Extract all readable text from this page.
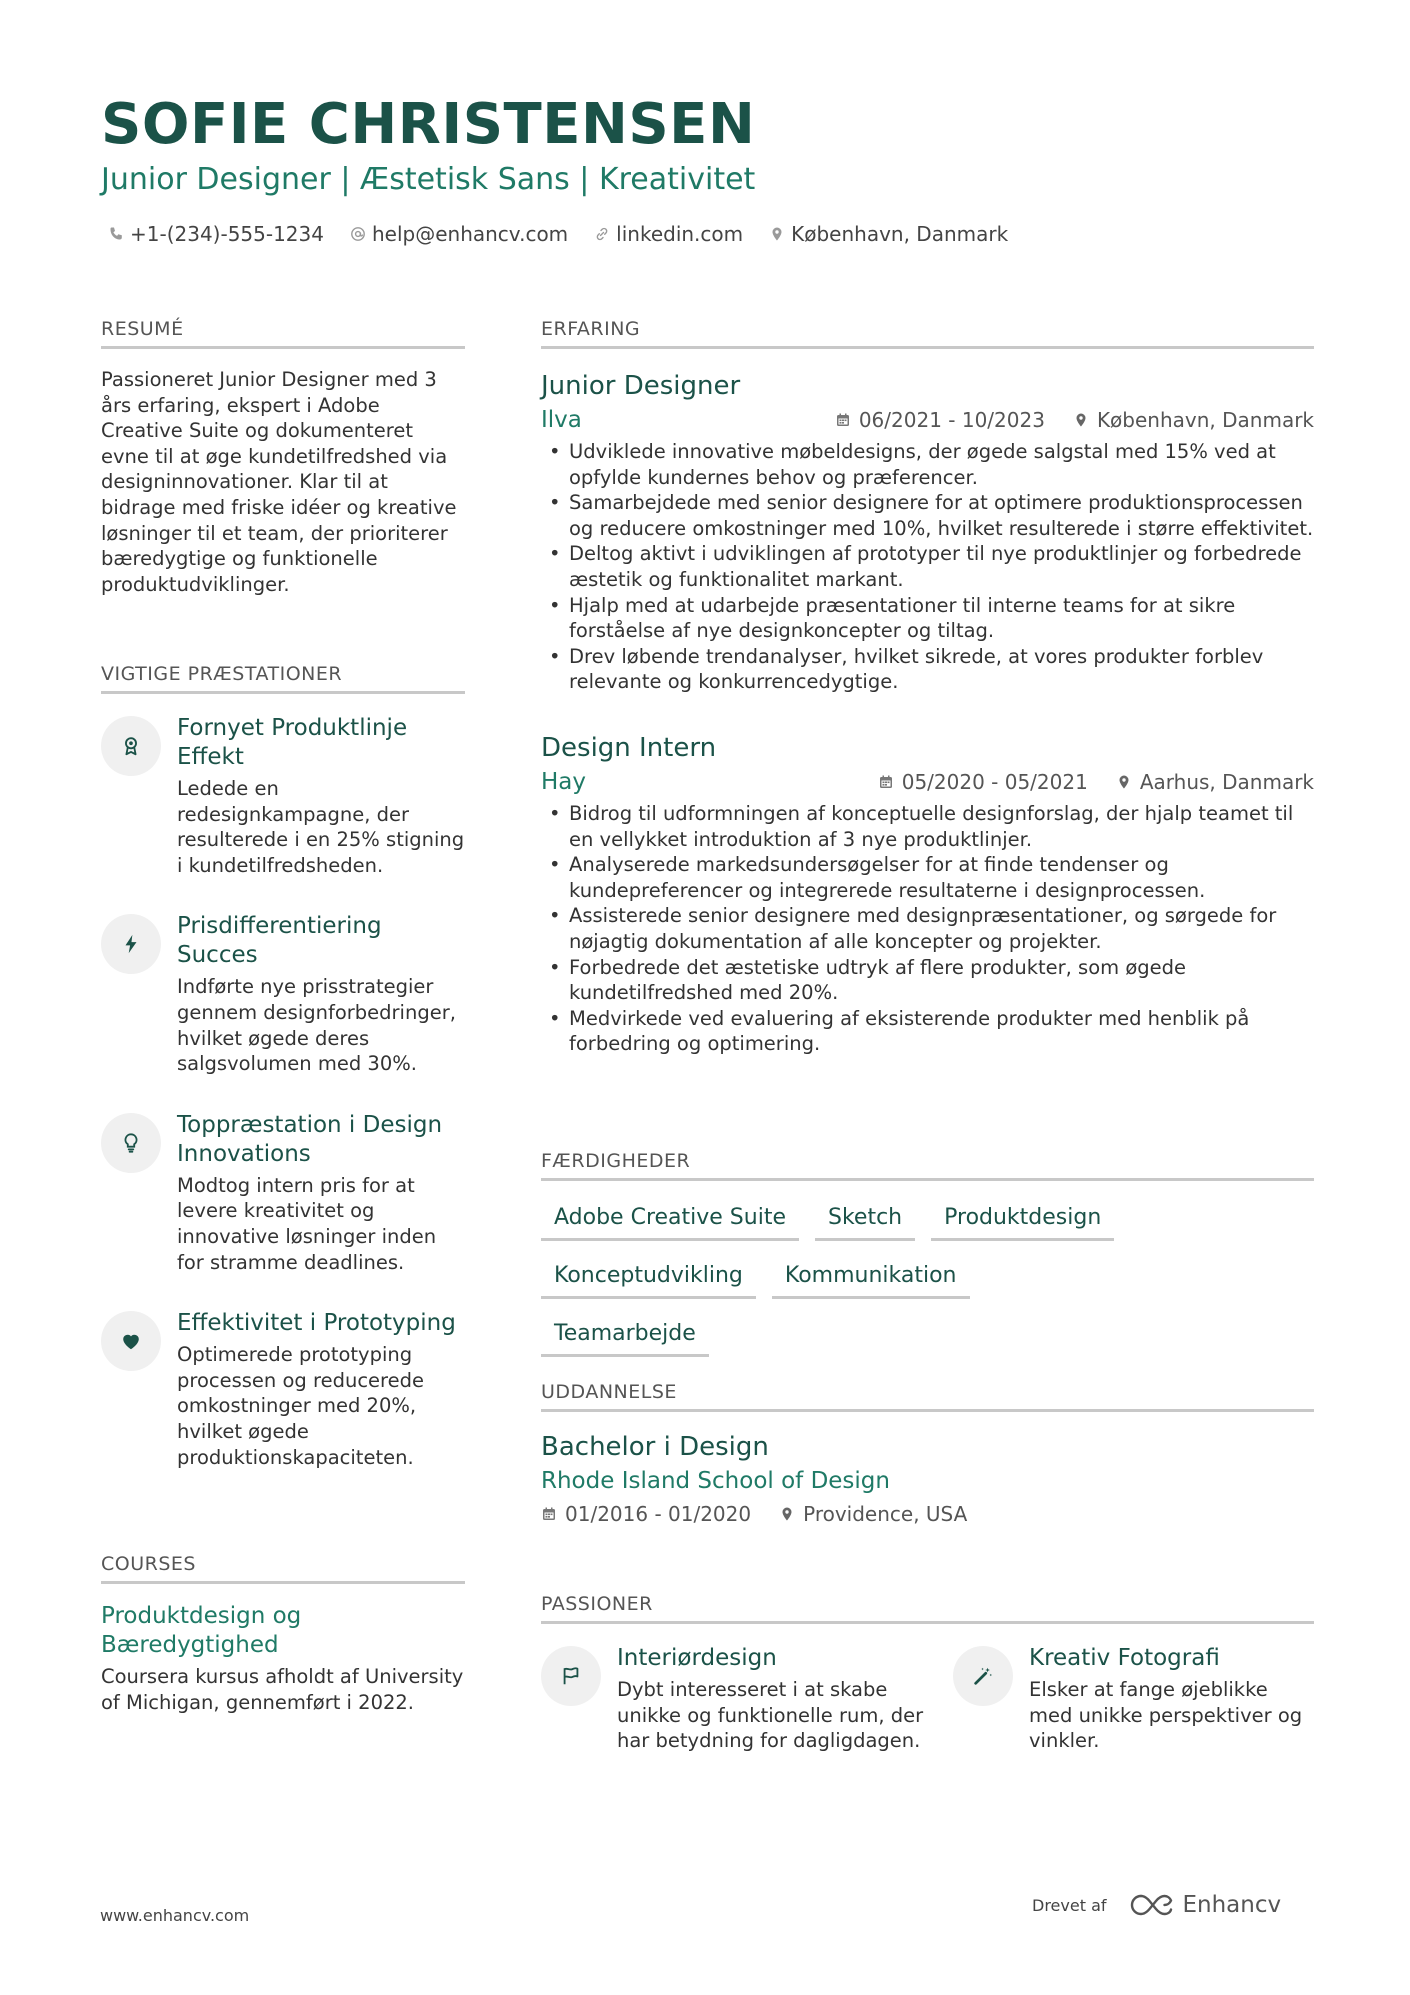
SOFIE CHRISTENSEN
Junior Designer | Æstetisk Sans | Kreativitet
+1-(234)-555-1234 help@enhancv.com linkedin.com København, Danmark
RESUMÉ
Passioneret Junior Designer med 3 års erfaring, ekspert i Adobe Creative Suite og dokumenteret evne til at øge kundetilfredshed via designinnovationer. Klar til at bidrage med friske idéer og kreative løsninger til et team, der prioriterer bæredygtige og funktionelle produktudviklinger.
VIGTIGE PRÆSTATIONER
Fornyet Produktlinje Effekt
Ledede en redesignkampagne, der resulterede i en 25% stigning i kundetilfredsheden.
Prisdifferentiering Succes
Indførte nye prisstrategier gennem designforbedringer, hvilket øgede deres salgsvolumen med 30%.
Toppræstation i Design Innovations
Modtog intern pris for at levere kreativitet og innovative løsninger inden for stramme deadlines.
Effektivitet i Prototyping
Optimerede prototyping processen og reducerede omkostninger med 20%, hvilket øgede produktionskapaciteten.
COURSES
Produktdesign og Bæredygtighed
Coursera kursus afholdt af University of Michigan, gennemført i 2022.
ERFARING
Junior Designer
Ilva	06/2021 - 10/2023	København, Danmark
• Udviklede innovative møbeldesigns, der øgede salgstal med 15% ved at opfylde kundernes behov og præferencer.
• Samarbejdede med senior designere for at optimere produktionsprocessen og reducere omkostninger med 10%, hvilket resulterede i større effektivitet.
• Deltog aktivt i udviklingen af prototyper til nye produktlinjer og forbedrede æstetik og funktionalitet markant.
• Hjalp med at udarbejde præsentationer til interne teams for at sikre forståelse af nye designkoncepter og tiltag.
• Drev løbende trendanalyser, hvilket sikrede, at vores produkter forblev relevante og konkurrencedygtige.
Design Intern
Hay	05/2020 - 05/2021	Aarhus, Danmark
• Bidrog til udformningen af konceptuelle designforslag, der hjalp teamet til en vellykket introduktion af 3 nye produktlinjer.
• Analyserede markedsundersøgelser for at finde tendenser og kundepreferencer og integrerede resultaterne i designprocessen.
• Assisterede senior designere med designpræsentationer, og sørgede for nøjagtig dokumentation af alle koncepter og projekter.
• Forbedrede det æstetiske udtryk af flere produkter, som øgede kundetilfredshed med 20%.
• Medvirkede ved evaluering af eksisterende produkter med henblik på forbedring og optimering.
FÆRDIGHEDER
Adobe Creative Suite	Sketch	Produktdesign
Konceptudvikling	Kommunikation
Teamarbejde
UDDANNELSE
Bachelor i Design
Rhode Island School of Design
01/2016 - 01/2020	Providence, USA
PASSIONER
Interiørdesign
Dybt interesseret i at skabe unikke og funktionelle rum, der har betydning for dagligdagen.
Kreativ Fotografi
Elsker at fange øjeblikke med unikke perspektiver og vinkler.
www.enhancv.com
Drevet af	Enhancv
